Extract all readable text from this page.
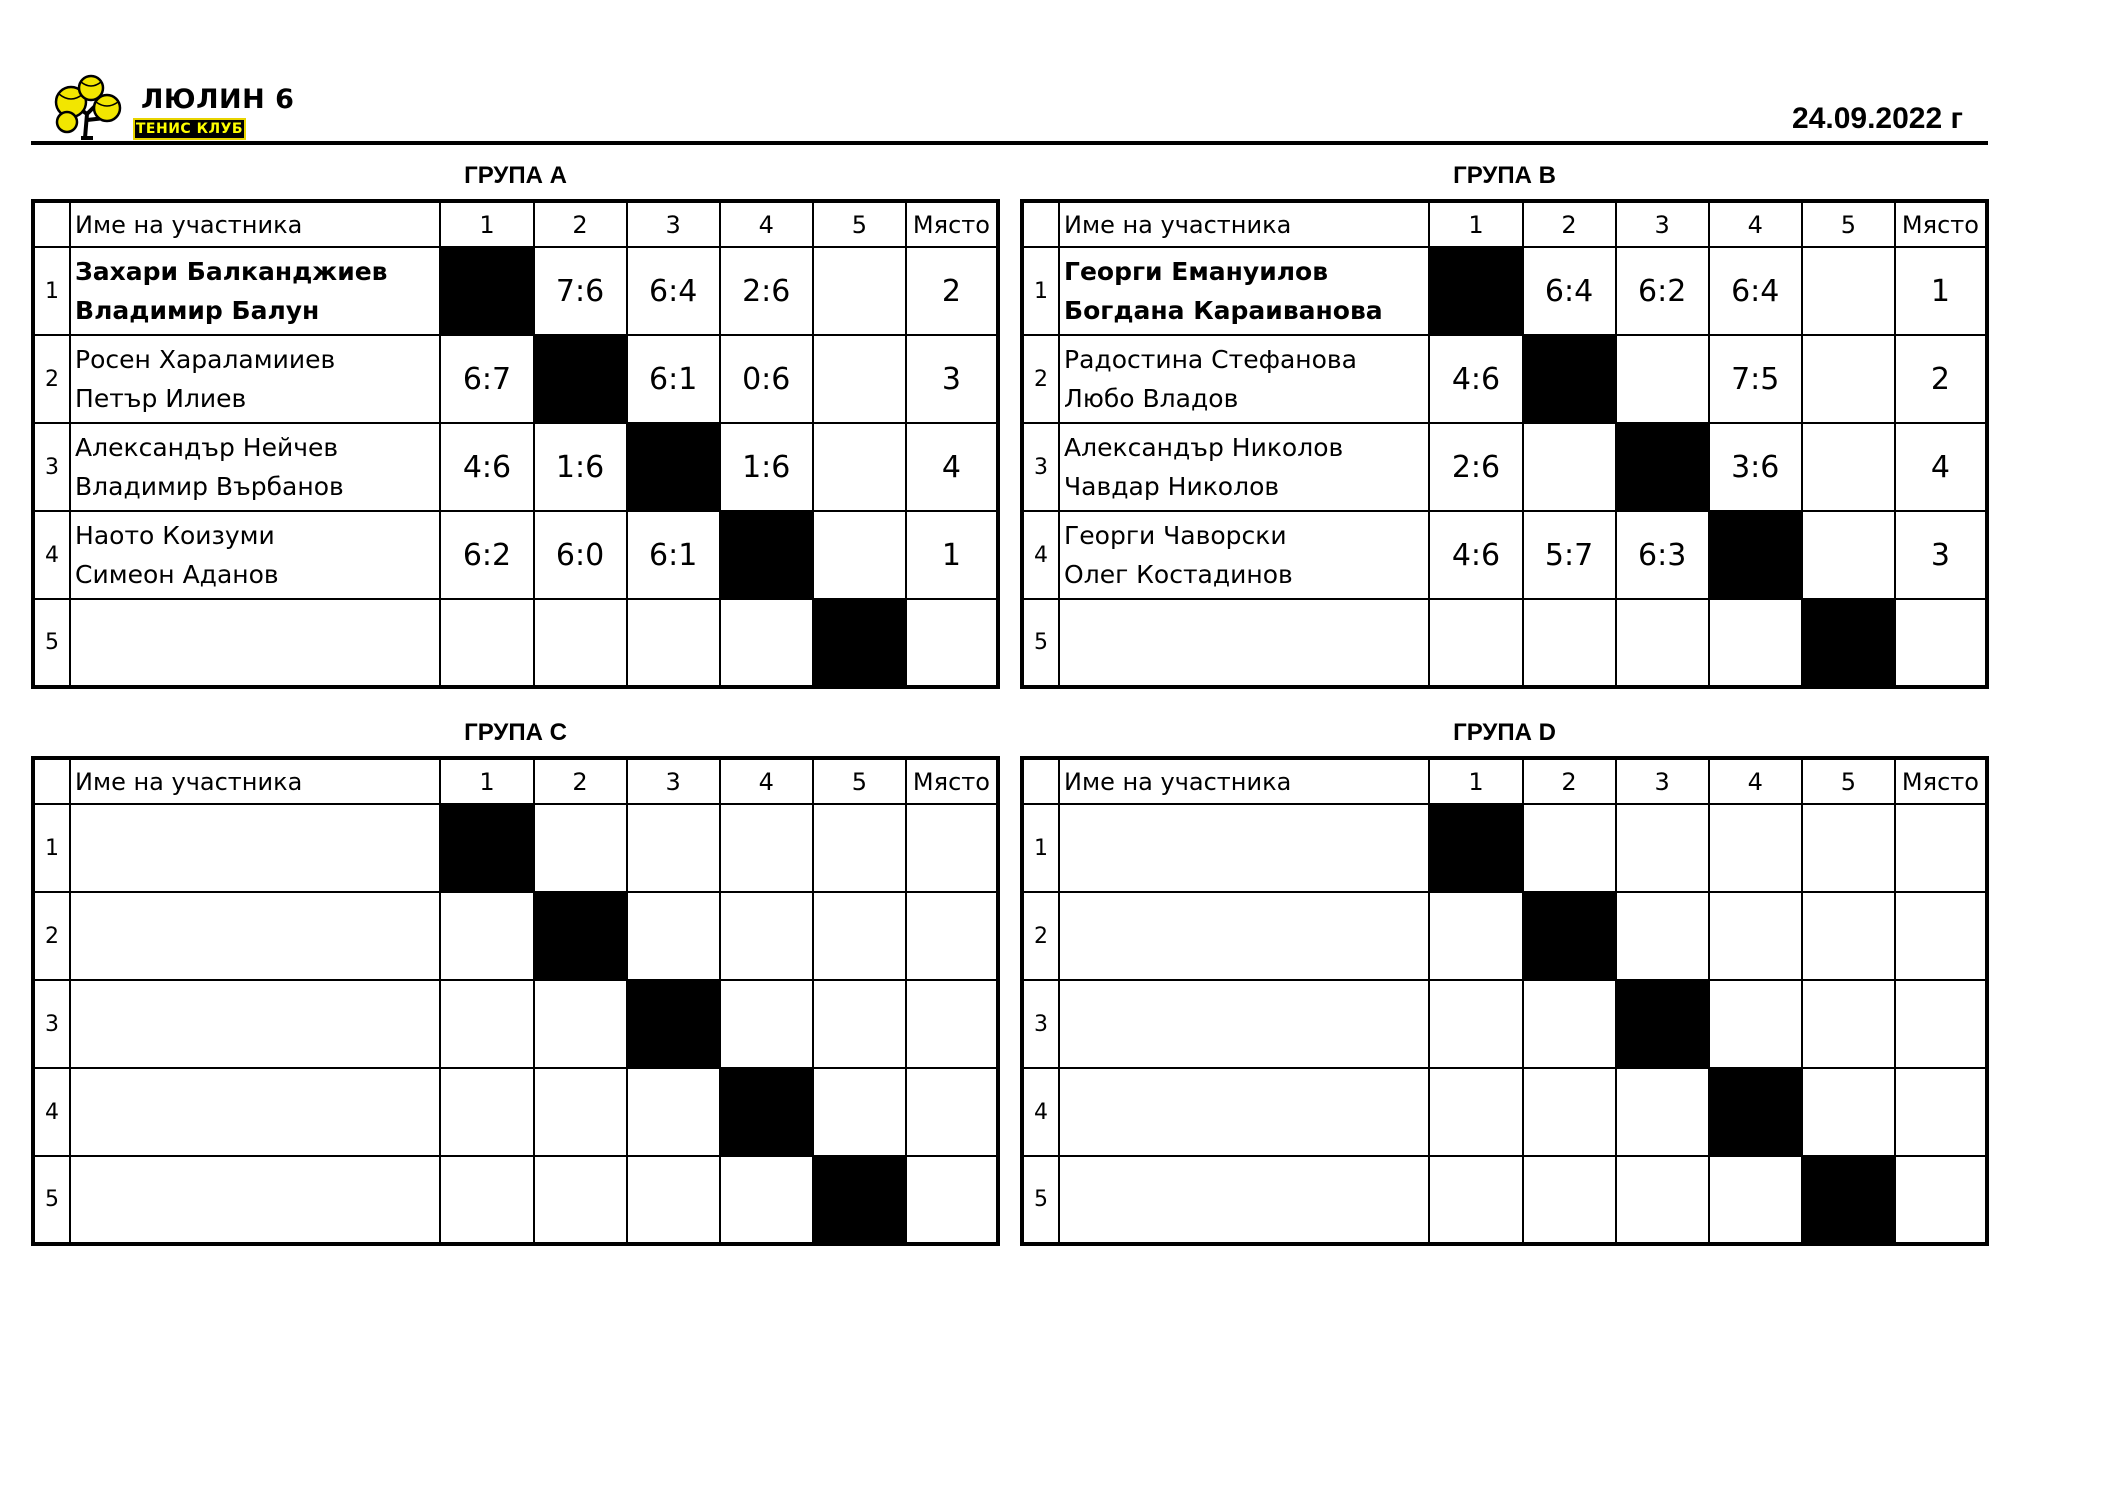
ЛЮЛИН 6
ТЕНИС КЛУБ	24.09.2022 г
ГРУПА А
	Име на участника	1	2	3	4	5	Място
1	Захари Балканджиев
Владимир Балун		7:6	6:4	2:6		2
2	Росен Хараламииев
Петър Илиев	6:7		6:1	0:6		3
3	Александър Нейчев
Владимир Върбанов	4:6	1:6		1:6		4
4	Наото Коизуми
Симеон Аданов	6:2	6:0	6:1			1
5	

ГРУПА В
	Име на участника	1	2	3	4	5	Място
1	Георги Емануилов
Богдана Караиванова		6:4	6:2	6:4		1
2	Радостина Стефанова
Любо Владов	4:6			7:5		2
3	Александър Николов
Чавдар Николов	2:6			3:6		4
4	Георги Чаворски
Олег Костадинов	4:6	5:7	6:3			3
5	

ГРУПА С
	Име на участника	1	2	3	4	5	Място
1	

2	

3	

4	

5	

ГРУПА D
	Име на участника	1	2	3	4	5	Място
1	

2	

3	

4	

5	
